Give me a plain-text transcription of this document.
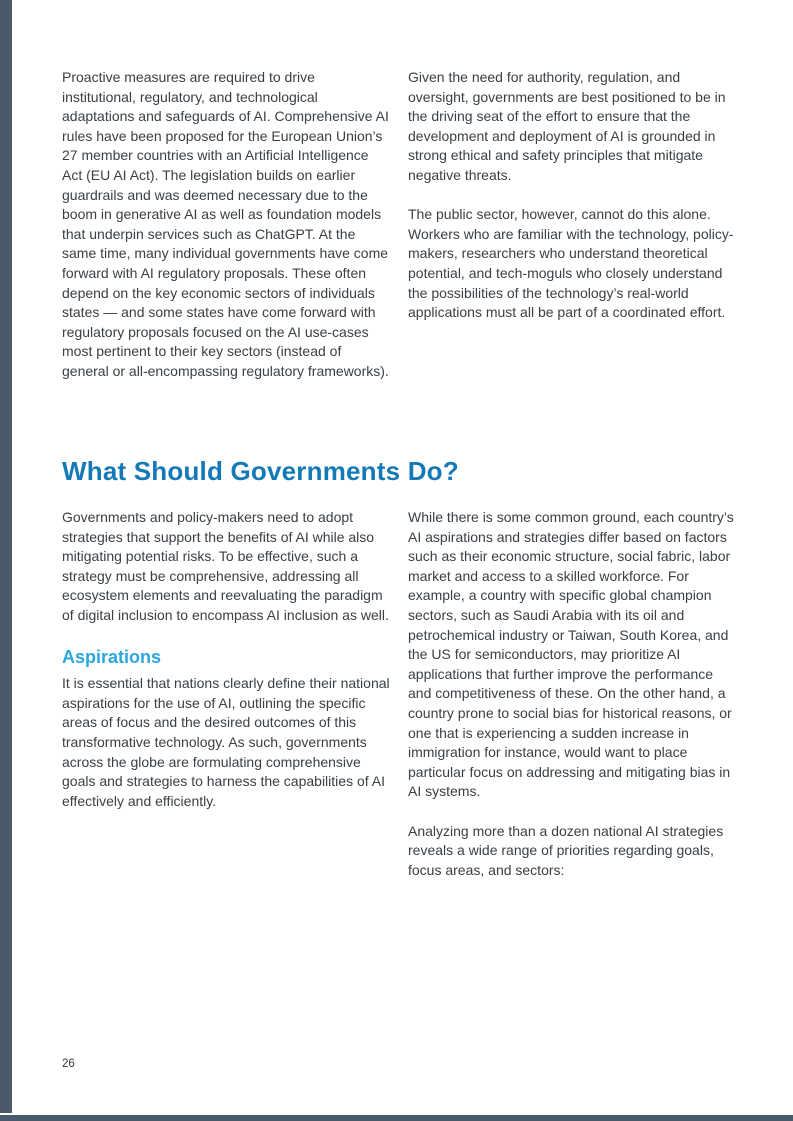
Proactive measures are required to drive institutional, regulatory, and technological adaptations and safeguards of AI. Comprehensive AI rules have been proposed for the European Union’s 27 member countries with an Artificial Intelligence Act (EU AI Act). The legislation builds on earlier guardrails and was deemed necessary due to the boom in generative AI as well as foundation models that underpin services such as ChatGPT. At the same time, many individual governments have come forward with AI regulatory proposals. These often depend on the key economic sectors of individuals states — and some states have come forward with regulatory proposals focused on the AI use-cases most pertinent to their key sectors (instead of general or all-encompassing regulatory frameworks).

Given the need for authority, regulation, and oversight, governments are best positioned to be in the driving seat of the effort to ensure that the development and deployment of AI is grounded in strong ethical and safety principles that mitigate negative threats.

The public sector, however, cannot do this alone. Workers who are familiar with the technology, policy-makers, researchers who understand theoretical potential, and tech-moguls who closely understand the possibilities of the technology’s real-world applications must all be part of a coordinated effort.

What Should Governments Do?

Governments and policy-makers need to adopt strategies that support the benefits of AI while also mitigating potential risks. To be effective, such a strategy must be comprehensive, addressing all ecosystem elements and reevaluating the paradigm of digital inclusion to encompass AI inclusion as well.

Aspirations

It is essential that nations clearly define their national aspirations for the use of AI, outlining the specific areas of focus and the desired outcomes of this transformative technology. As such, governments across the globe are formulating comprehensive goals and strategies to harness the capabilities of AI effectively and efficiently.

While there is some common ground, each country’s AI aspirations and strategies differ based on factors such as their economic structure, social fabric, labor market and access to a skilled workforce. For example, a country with specific global champion sectors, such as Saudi Arabia with its oil and petrochemical industry or Taiwan, South Korea, and the US for semiconductors, may prioritize AI applications that further improve the performance and competitiveness of these. On the other hand, a country prone to social bias for historical reasons, or one that is experiencing a sudden increase in immigration for instance, would want to place particular focus on addressing and mitigating bias in AI systems.

Analyzing more than a dozen national AI strategies reveals a wide range of priorities regarding goals, focus areas, and sectors:

26
